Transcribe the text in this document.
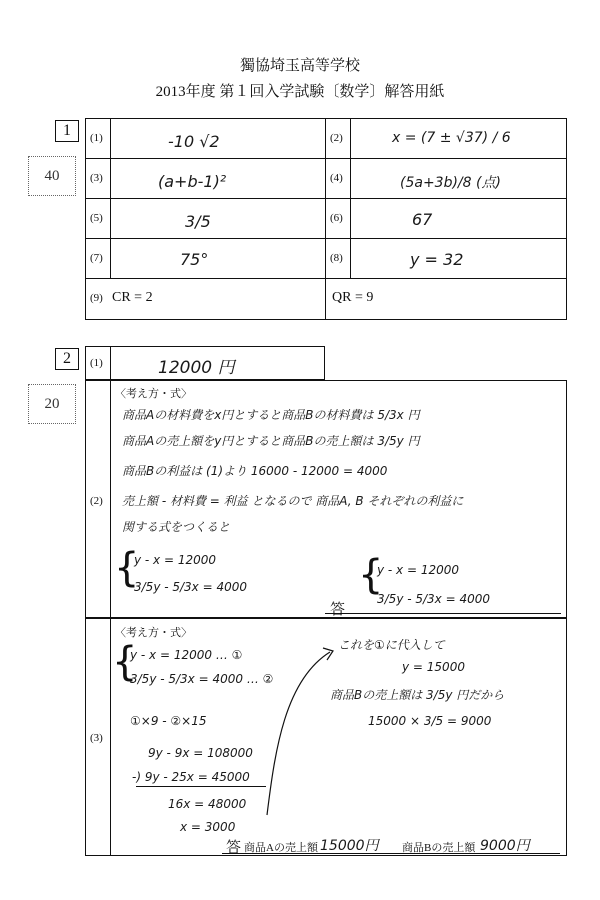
獨協埼玉高等学校
2013年度 第１回入学試験〔数学〕解答用紙
1
40
(1)	-10 √2	(2)	x = (7 ± √37) / 6
(3)	(a+b-1)²	(4)	(5a+3b)/8 (点)
(5)	3/5	(6)	67
(7)	75°	(8)	y = 32
(9) CR = 2	QR = 9
2
20
(1)	12000 円
(2)
〈考え方・式〉
商品Aの材料費をx円とすると商品Bの材料費は 5/3x 円
商品Aの売上額をy円とすると商品Bの売上額は 3/5y 円
商品Bの利益は (1)より 16000 - 12000 = 4000
売上額 - 材料費 = 利益 となるので 商品A, B それぞれの利益に
関する式をつくると
{
y - x = 12000
3/5y - 5/3x = 4000
答
{
y - x = 12000
3/5y - 5/3x = 4000
(3)
〈考え方・式〉
{
y - x = 12000 … ①
3/5y - 5/3x = 4000 … ②
①×9 - ②×15
9y - 9x = 108000
-) 9y - 25x = 45000
16x = 48000
x = 3000
これを①に代入して
y = 15000
商品Bの売上額は 3/5y 円だから
15000 × 3/5 = 9000
答 商品Aの売上額 15000円 商品Bの売上額 9000円
